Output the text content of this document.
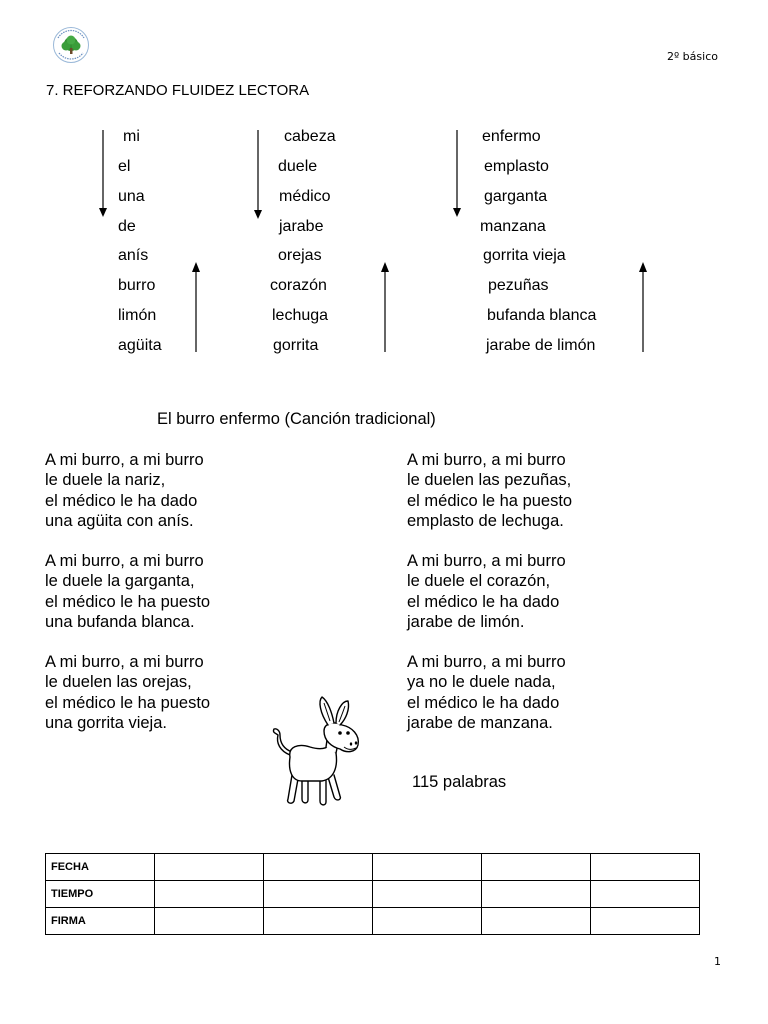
2º básico
7. REFORZANDO FLUIDEZ LECTORA
mi
el
una
de
anís
burro
limón
agüita
cabeza
duele
médico
jarabe
orejas
corazón
lechuga
gorrita
enfermo
emplasto
garganta
manzana
gorrita vieja
pezuñas
bufanda blanca
jarabe de limón
El burro enfermo (Canción tradicional)
A mi burro, a mi burro
le duele la nariz,
el médico le ha dado
una agüita con anís.
A mi burro, a mi burro
le duele la garganta,
el médico le ha puesto
una bufanda blanca.
A mi burro, a mi burro
le duelen las orejas,
el médico le ha puesto
una gorrita vieja.
A mi burro, a mi burro
le duelen las pezuñas,
el médico le ha puesto
emplasto de lechuga.
A mi burro, a mi burro
le duele el corazón,
el médico le ha dado
jarabe de limón.
A mi burro, a mi burro
ya no le duele nada,
el médico le ha dado
jarabe de manzana.
115 palabras
FECHA					
TIEMPO					
FIRMA					
1
